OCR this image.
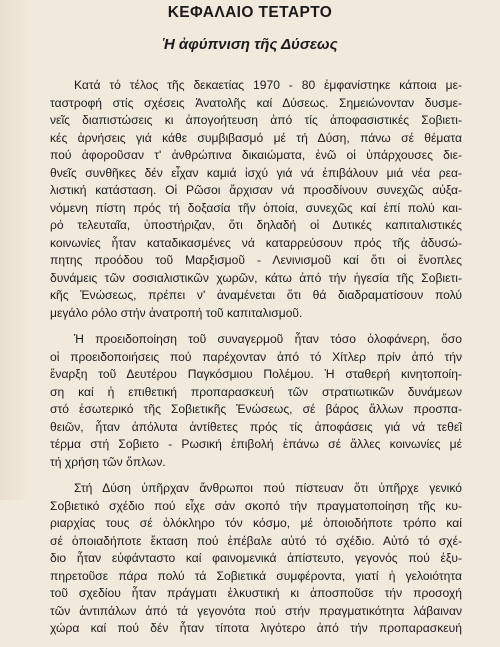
ΚΕΦΑΛΑΙΟ ΤΕΤΑΡΤΟ
Ἡ ἀφύπνιση τῆς Δύσεως

Κατά τό τέλος τῆς δεκαετίας 1970 - 80 ἐμφανίστηκε κάποια με-
ταστροφή στίς σχέσεις Ἀνατολῆς καί Δύσεως. Σημειώνονταν δυσμε-
νεῖς διαπιστώσεις κι ἀπογοήτευση ἀπό τίς ἀποφασιστικές Σοβιετι-
κές ἀρνήσεις γιά κάθε συμβιβασμό μέ τή Δύση, πάνω σέ θέματα
πού ἀφοροῦσαν τ' ἀνθρώπινα δικαιώματα, ἐνῶ οἱ ὑπάρχουσες διε-
θνεῖς συνθῆκες δέν εἶχαν καμιά ἰσχύ γιά νά ἐπιβάλουν μιά νέα ρεα-
λιστική κατάσταση. Οἱ Ρῶσοι ἄρχισαν νά προσδίνουν συνεχῶς αὐξα-
νόμενη πίστη πρός τή δοξασία τῆν ὁποία, συνεχῶς καί ἐπί πολύ και-
ρό τελευταῖα, ὑποστήριζαν, ὅτι δηλαδή οἱ Δυτικές καπιταλιστικές
κοινωνίες ἦταν καταδικασμένες νά καταρρεύσουν πρός τῆς ἀδυσώ-
πητης προόδου τοῦ Μαρξισμοῦ - Λενινισμοῦ καί ὅτι οἱ ἔνοπλες
δυνάμεις τῶν σοσιαλιστικῶν χωρῶν, κάτω ἀπό τήν ἡγεσία τῆς Σοβιετι-
κῆς Ἑνώσεως, πρέπει ν' ἀναμένεται ὅτι θά διαδραματίσουν πολύ
μεγάλο ρόλο στήν ἀνατροπή τοῦ καπιταλισμοῦ.

Ἡ προειδοποίηση τοῦ συναγερμοῦ ἦταν τόσο ὁλοφάνερη, ὅσο
οἱ προειδοποιήσεις πού παρέχονταν ἀπό τό Χίτλερ πρίν ἀπό τήν
ἔναρξη τοῦ Δευτέρου Παγκόσμιου Πολέμου. Ἡ σταθερή κινητοποίη-
ση καί ἡ επιθετική προπαρασκευή τῶν στρατιωτικῶν δυνάμεων
στό ἐσωτερικό τῆς Σοβιετικῆς Ἑνώσεως, σέ βάρος ἄλλων προσπα-
θειῶν, ἦταν ἀπόλυτα ἀντίθετες πρός τίς ἀποφάσεις γιά νά τεθεῖ
τέρμα στή Σοβιετο - Ρωσική ἐπιβολή ἐπάνω σέ ἄλλες κοινωνίες μέ
τή χρήση τῶν ὅπλων.

Στή Δύση ὑπῆρχαν ἄνθρωποι πού πίστευαν ὅτι ὑπῆρχε γενικό
Σοβιετικό σχέδιο πού εἶχε σάν σκοπό τήν πραγματοποίηση τῆς κυ-
ριαρχίας τους σέ ὁλόκληρο τόν κόσμο, μέ ὁποιοδήποτε τρόπο καί
σέ ὁποιαδήποτε ἔκταση πού ἐπέβαλε αὐτό τό σχέδιο. Αὐτό τό σχέ-
διο ἦταν εὐφάνταστο καί φαινομενικά ἀπίστευτο, γεγονός πού ἐξυ-
πηρετοῦσε πάρα πολύ τά Σοβιετικά συμφέροντα, γιατί ἡ γελοιότητα
τοῦ σχεδίου ἦταν πράγματι ἑλκυστική κι ἀποσποῦσε τήν προσοχή
τῶν ἀντιπάλων ἀπό τά γεγονότα πού στήν πραγματικότητα λάβαιναν
χώρα καί πού δέν ἦταν τίποτα λιγότερο ἀπό τήν προπαρασκευή
